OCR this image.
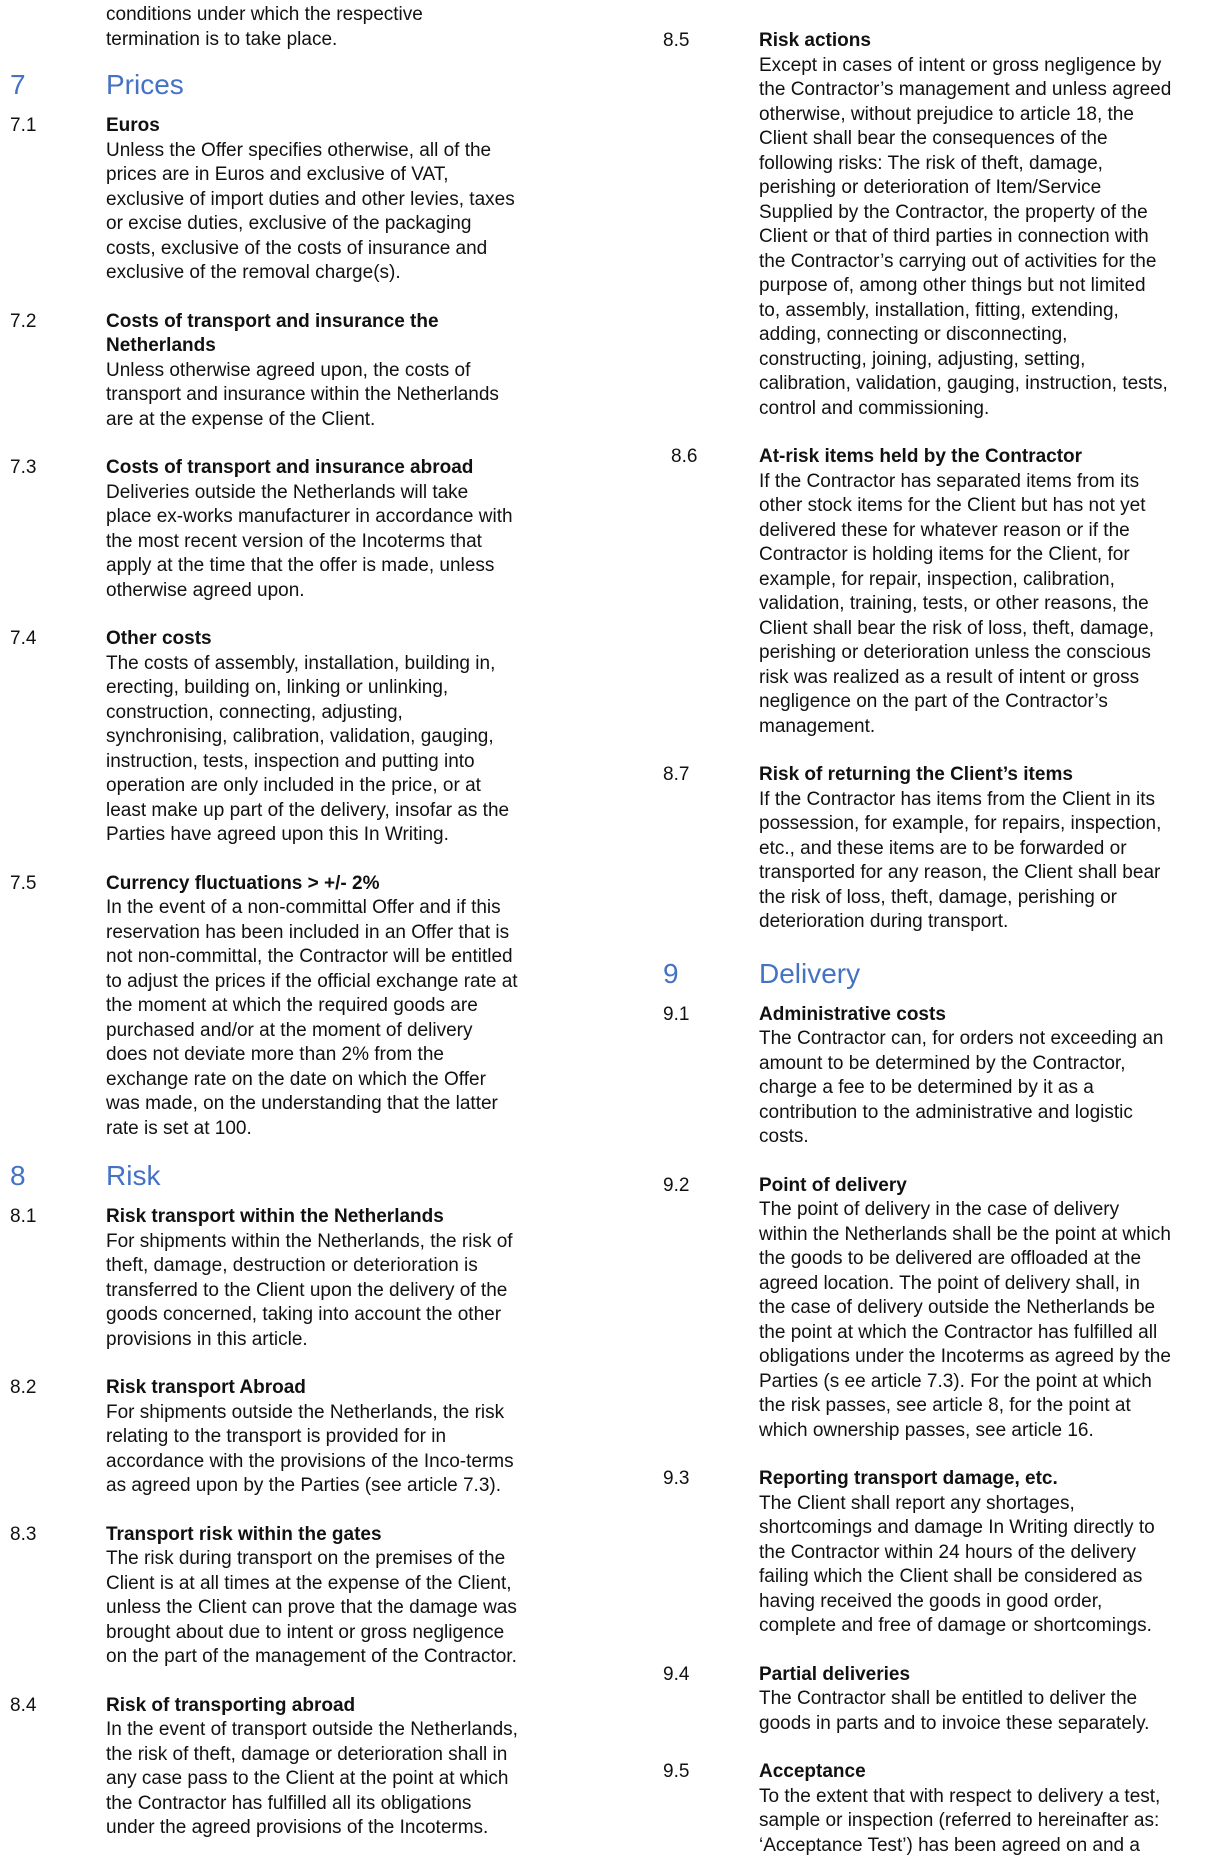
conditions under which the respective
termination is to take place.
7	Prices
7.1	Euros
Unless the Offer specifies otherwise, all of the
prices are in Euros and exclusive of VAT,
exclusive of import duties and other levies, taxes
or excise duties, exclusive of the packaging
costs, exclusive of the costs of insurance and
exclusive of the removal charge(s).
7.2	Costs of transport and insurance the
Netherlands
Unless otherwise agreed upon, the costs of
transport and insurance within the Netherlands
are at the expense of the Client.
7.3	Costs of transport and insurance abroad
Deliveries outside the Netherlands will take
place ex-works manufacturer in accordance with
the most recent version of the Incoterms that
apply at the time that the offer is made, unless
otherwise agreed upon.
7.4	Other costs
The costs of assembly, installation, building in,
erecting, building on, linking or unlinking,
construction, connecting, adjusting,
synchronising, calibration, validation, gauging,
instruction, tests, inspection and putting into
operation are only included in the price, or at
least make up part of the delivery, insofar as the
Parties have agreed upon this In Writing.
7.5	Currency fluctuations > +/- 2%
In the event of a non-committal Offer and if this
reservation has been included in an Offer that is
not non-committal, the Contractor will be entitled
to adjust the prices if the official exchange rate at
the moment at which the required goods are
purchased and/or at the moment of delivery
does not deviate more than 2% from the
exchange rate on the date on which the Offer
was made, on the understanding that the latter
rate is set at 100.
8	Risk
8.1	Risk transport within the Netherlands
For shipments within the Netherlands, the risk of
theft, damage, destruction or deterioration is
transferred to the Client upon the delivery of the
goods concerned, taking into account the other
provisions in this article.
8.2	Risk transport Abroad
For shipments outside the Netherlands, the risk
relating to the transport is provided for in
accordance with the provisions of the Inco-terms
as agreed upon by the Parties (see article 7.3).
8.3	Transport risk within the gates
The risk during transport on the premises of the
Client is at all times at the expense of the Client,
unless the Client can prove that the damage was
brought about due to intent or gross negligence
on the part of the management of the Contractor.
8.4	Risk of transporting abroad
In the event of transport outside the Netherlands,
the risk of theft, damage or deterioration shall in
any case pass to the Client at the point at which
the Contractor has fulfilled all its obligations
under the agreed provisions of the Incoterms.
8.5	Risk actions
Except in cases of intent or gross negligence by
the Contractor’s management and unless agreed
otherwise, without prejudice to article 18, the
Client shall bear the consequences of the
following risks: The risk of theft, damage,
perishing or deterioration of Item/Service
Supplied by the Contractor, the property of the
Client or that of third parties in connection with
the Contractor’s carrying out of activities for the
purpose of, among other things but not limited
to, assembly, installation, fitting, extending,
adding, connecting or disconnecting,
constructing, joining, adjusting, setting,
calibration, validation, gauging, instruction, tests,
control and commissioning.
8.6	At-risk items held by the Contractor
If the Contractor has separated items from its
other stock items for the Client but has not yet
delivered these for whatever reason or if the
Contractor is holding items for the Client, for
example, for repair, inspection, calibration,
validation, training, tests, or other reasons, the
Client shall bear the risk of loss, theft, damage,
perishing or deterioration unless the conscious
risk was realized as a result of intent or gross
negligence on the part of the Contractor’s
management.
8.7	Risk of returning the Client’s items
If the Contractor has items from the Client in its
possession, for example, for repairs, inspection,
etc., and these items are to be forwarded or
transported for any reason, the Client shall bear
the risk of loss, theft, damage, perishing or
deterioration during transport.
9	Delivery
9.1	Administrative costs
The Contractor can, for orders not exceeding an
amount to be determined by the Contractor,
charge a fee to be determined by it as a
contribution to the administrative and logistic
costs.
9.2	Point of delivery
The point of delivery in the case of delivery
within the Netherlands shall be the point at which
the goods to be delivered are offloaded at the
agreed location. The point of delivery shall, in
the case of delivery outside the Netherlands be
the point at which the Contractor has fulfilled all
obligations under the Incoterms as agreed by the
Parties (s ee article 7.3). For the point at which
the risk passes, see article 8, for the point at
which ownership passes, see article 16.
9.3	Reporting transport damage, etc.
The Client shall report any shortages,
shortcomings and damage In Writing directly to
the Contractor within 24 hours of the delivery
failing which the Client shall be considered as
having received the goods in good order,
complete and free of damage or shortcomings.
9.4	Partial deliveries
The Contractor shall be entitled to deliver the
goods in parts and to invoice these separately.
9.5	Acceptance
To the extent that with respect to delivery a test,
sample or inspection (referred to hereinafter as:
‘Acceptance Test’) has been agreed on and a
